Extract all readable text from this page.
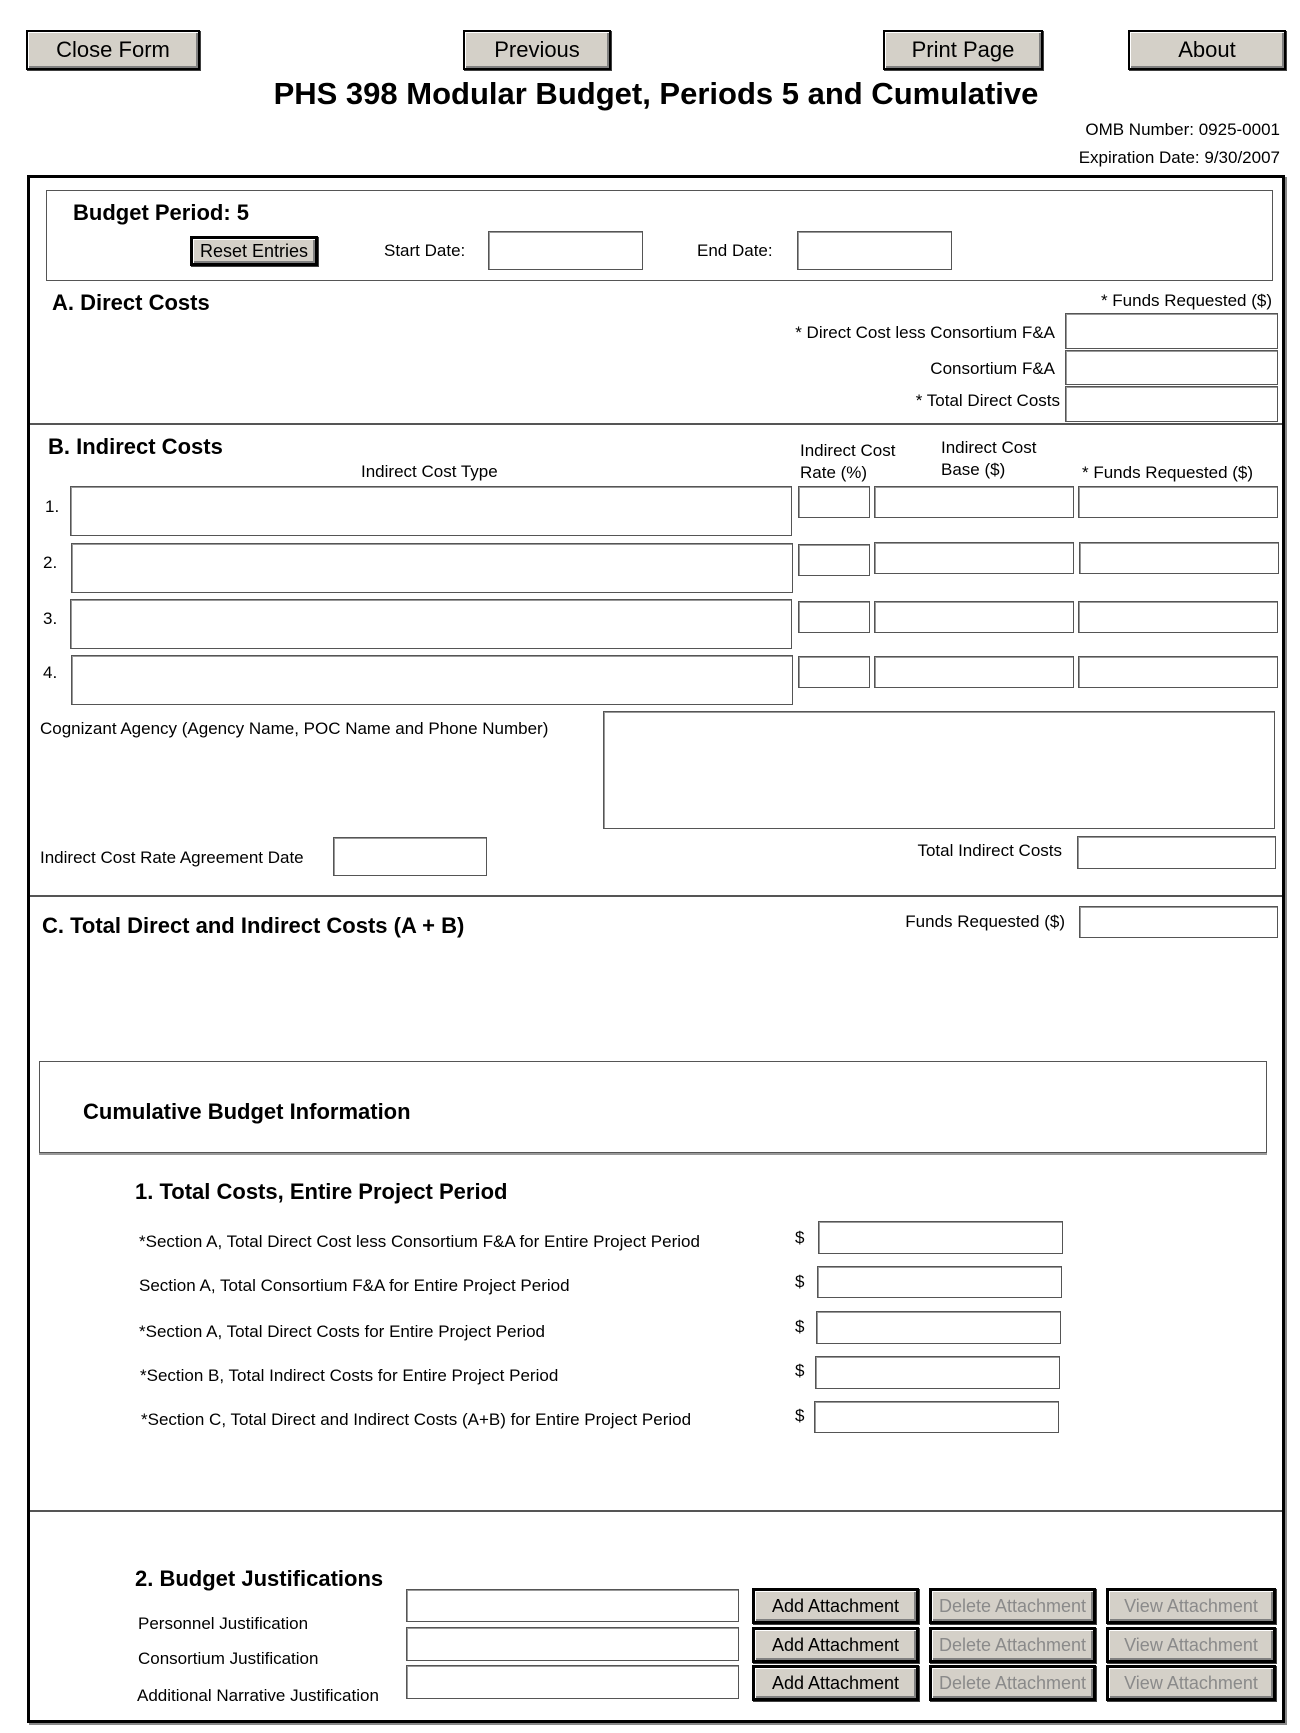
Close Form	Previous	Print Page	About
PHS 398 Modular Budget, Periods 5 and Cumulative
OMB Number: 0925-0001
Expiration Date: 9/30/2007
Budget Period: 5
Reset Entries	Start Date:	End Date:
A. Direct Costs	* Funds Requested ($)
* Direct Cost less Consortium F&A
Consortium F&A
* Total Direct Costs
B. Indirect Costs
Indirect Cost Type
Indirect Cost
Rate (%)
Indirect Cost
Base ($)	* Funds Requested ($)
1.
2.
3.
4.
Cognizant Agency (Agency Name, POC Name and Phone Number)
Indirect Cost Rate Agreement Date	Total Indirect Costs
C. Total Direct and Indirect Costs (A + B)	Funds Requested ($)
Cumulative Budget Information
1. Total Costs, Entire Project Period
*Section A, Total Direct Cost less Consortium F&A for Entire Project Period	$
Section A, Total Consortium F&A for Entire Project Period	$
*Section A, Total Direct Costs for Entire Project Period	$
*Section B, Total Indirect Costs for Entire Project Period	$
*Section C, Total Direct and Indirect Costs (A+B) for Entire Project Period	$
2. Budget Justifications
Personnel Justification
Add Attachment	Delete Attachment	View Attachment
Consortium Justification
Add Attachment	Delete Attachment	View Attachment
Additional Narrative Justification
Add Attachment	Delete Attachment	View Attachment
